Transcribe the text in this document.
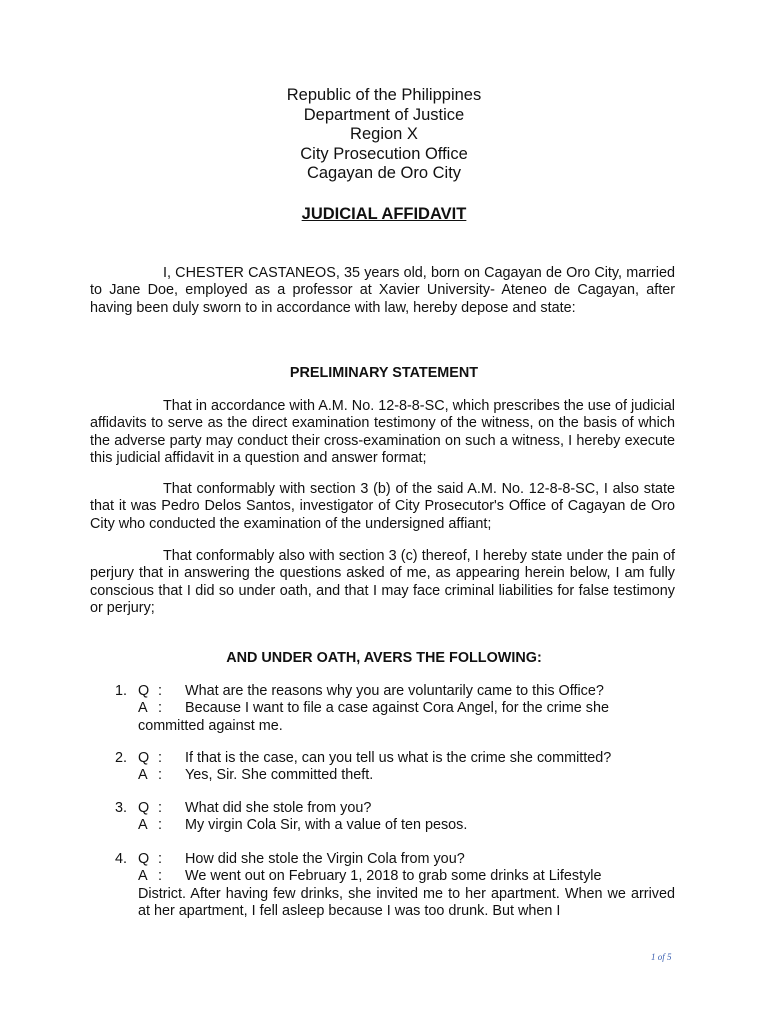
Republic of the Philippines
Department of Justice
Region X
City Prosecution Office
Cagayan de Oro City
JUDICIAL AFFIDAVIT

I, CHESTER CASTANEOS, 35 years old, born on Cagayan de Oro City, married to Jane Doe, employed as a professor at Xavier University- Ateneo de Cagayan, after having been duly sworn to in accordance with law, hereby depose and state:

PRELIMINARY STATEMENT

That in accordance with A.M. No. 12-8-8-SC, which prescribes the use of judicial affidavits to serve as the direct examination testimony of the witness, on the basis of which the adverse party may conduct their cross-examination on such a witness, I hereby execute this judicial affidavit in a question and answer format;

That conformably with section 3 (b) of the said A.M. No. 12-8-8-SC, I also state that it was Pedro Delos Santos, investigator of City Prosecutor's Office of Cagayan de Oro City who conducted the examination of the undersigned affiant;

That conformably also with section 3 (c) thereof, I hereby state under the pain of perjury that in answering the questions asked of me, as appearing herein below, I am fully conscious that I did so under oath, and that I may face criminal liabilities for false testimony or perjury;

AND UNDER OATH, AVERS THE FOLLOWING:
1. Q :	What are the reasons why you are voluntarily came to this Office?
A :	Because I want to file a case against Cora Angel, for the crime she
committed against me.
2. Q :	If that is the case, can you tell us what is the crime she committed?
A :	Yes, Sir. She committed theft.
3. Q :	What did she stole from you?
A :	My virgin Cola Sir, with a value of ten pesos.
4. Q :	How did she stole the Virgin Cola from you?
A :	We went out on February 1, 2018 to grab some drinks at Lifestyle
District. After having few drinks, she invited me to her apartment. When we arrived at her apartment, I fell asleep because I was too drunk. But when I
1 of 5
